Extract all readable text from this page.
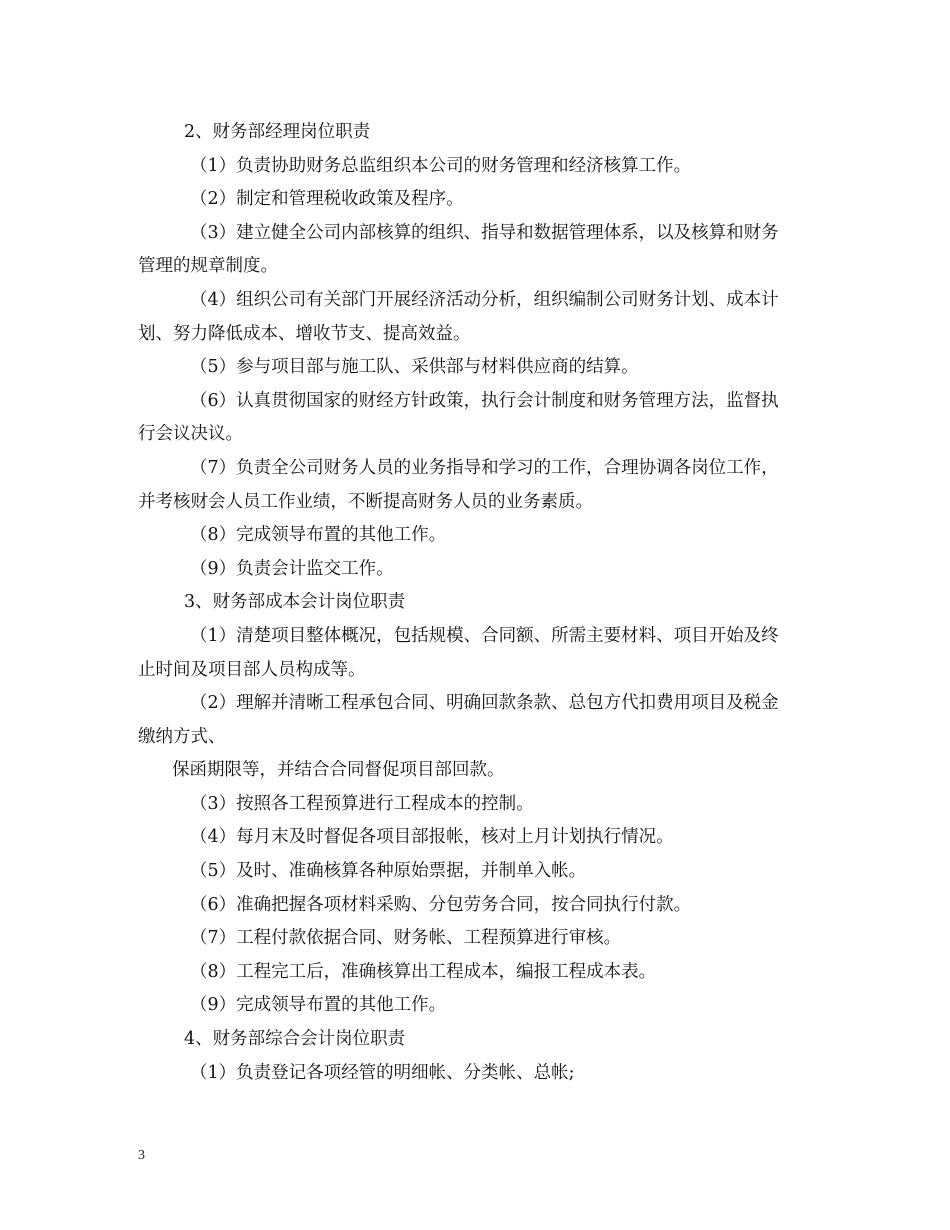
2、财务部经理岗位职责
（1）负责协助财务总监组织本公司的财务管理和经济核算工作。
（2）制定和管理税收政策及程序。
（3）建立健全公司内部核算的组织、指导和数据管理体系，以及核算和财务
管理的规章制度。
（4）组织公司有关部门开展经济活动分析，组织编制公司财务计划、成本计
划、努力降低成本、增收节支、提高效益。
（5）参与项目部与施工队、采供部与材料供应商的结算。
（6）认真贯彻国家的财经方针政策，执行会计制度和财务管理方法，监督执
行会议决议。
（7）负责全公司财务人员的业务指导和学习的工作，合理协调各岗位工作，
并考核财会人员工作业绩，不断提高财务人员的业务素质。
（8）完成领导布置的其他工作。
（9）负责会计监交工作。
3、财务部成本会计岗位职责
（1）清楚项目整体概况，包括规模、合同额、所需主要材料、项目开始及终
止时间及项目部人员构成等。
（2）理解并清晰工程承包合同、明确回款条款、总包方代扣费用项目及税金
缴纳方式、
保函期限等，并结合合同督促项目部回款。
（3）按照各工程预算进行工程成本的控制。
（4）每月末及时督促各项目部报帐，核对上月计划执行情况。
（5）及时、准确核算各种原始票据，并制单入帐。
（6）准确把握各项材料采购、分包劳务合同，按合同执行付款。
（7）工程付款依据合同、财务帐、工程预算进行审核。
（8）工程完工后，准确核算出工程成本，编报工程成本表。
（9）完成领导布置的其他工作。
4、财务部综合会计岗位职责
（1）负责登记各项经管的明细帐、分类帐、总帐;
3
